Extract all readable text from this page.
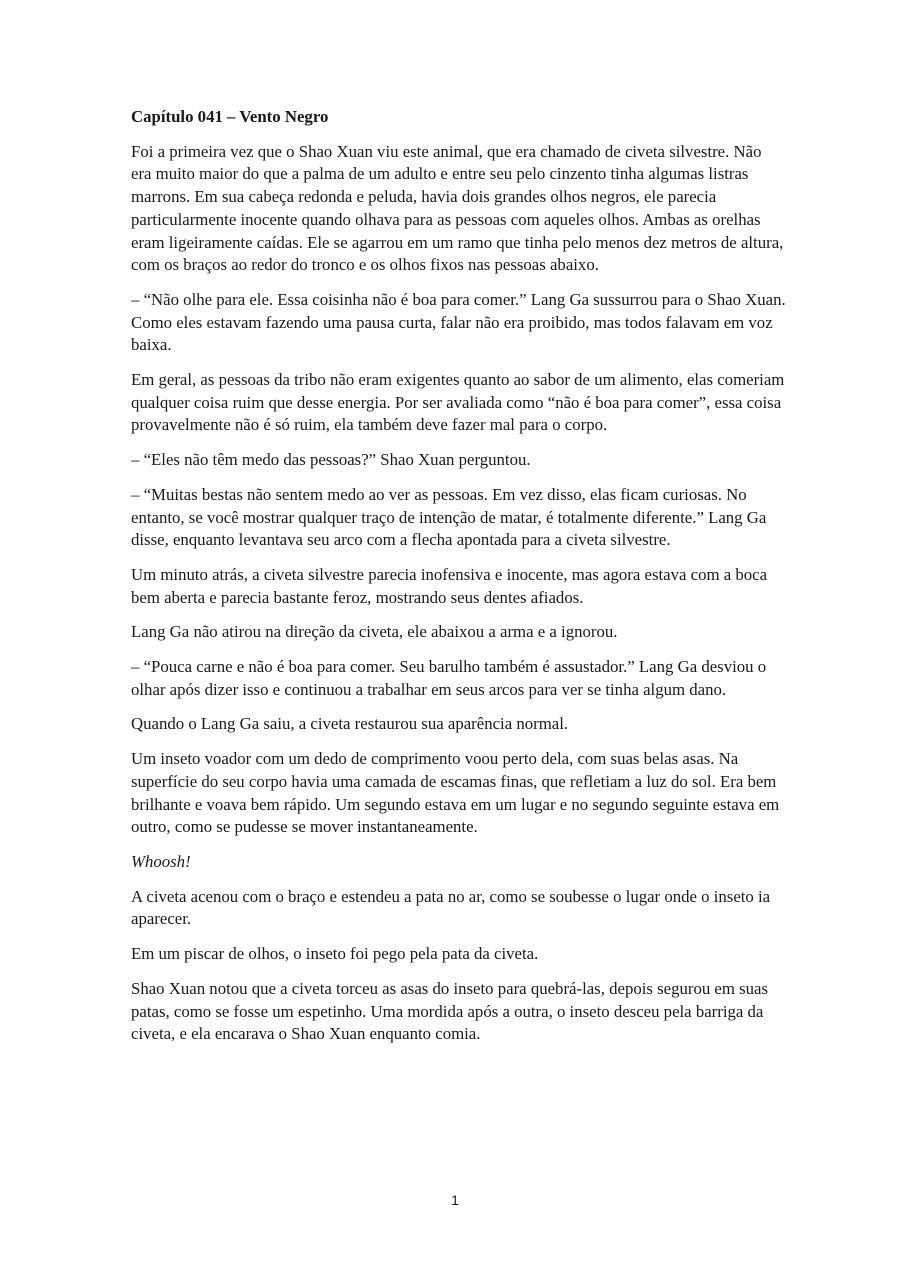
Capítulo 041 – Vento Negro

Foi a primeira vez que o Shao Xuan viu este animal, que era chamado de civeta silvestre. Não era muito maior do que a palma de um adulto e entre seu pelo cinzento tinha algumas listras marrons. Em sua cabeça redonda e peluda, havia dois grandes olhos negros, ele parecia particularmente inocente quando olhava para as pessoas com aqueles olhos. Ambas as orelhas eram ligeiramente caídas. Ele se agarrou em um ramo que tinha pelo menos dez metros de altura, com os braços ao redor do tronco e os olhos fixos nas pessoas abaixo.

– “Não olhe para ele. Essa coisinha não é boa para comer.” Lang Ga sussurrou para o Shao Xuan. Como eles estavam fazendo uma pausa curta, falar não era proibido, mas todos falavam em voz baixa.

Em geral, as pessoas da tribo não eram exigentes quanto ao sabor de um alimento, elas comeriam qualquer coisa ruim que desse energia. Por ser avaliada como “não é boa para comer”, essa coisa provavelmente não é só ruim, ela também deve fazer mal para o corpo.

– “Eles não têm medo das pessoas?” Shao Xuan perguntou.

– “Muitas bestas não sentem medo ao ver as pessoas. Em vez disso, elas ficam curiosas. No entanto, se você mostrar qualquer traço de intenção de matar, é totalmente diferente.” Lang Ga disse, enquanto levantava seu arco com a flecha apontada para a civeta silvestre.

Um minuto atrás, a civeta silvestre parecia inofensiva e inocente, mas agora estava com a boca bem aberta e parecia bastante feroz, mostrando seus dentes afiados.

Lang Ga não atirou na direção da civeta, ele abaixou a arma e a ignorou.

– “Pouca carne e não é boa para comer. Seu barulho também é assustador.” Lang Ga desviou o olhar após dizer isso e continuou a trabalhar em seus arcos para ver se tinha algum dano.

Quando o Lang Ga saiu, a civeta restaurou sua aparência normal.

Um inseto voador com um dedo de comprimento voou perto dela, com suas belas asas. Na superfície do seu corpo havia uma camada de escamas finas, que refletiam a luz do sol. Era bem brilhante e voava bem rápido. Um segundo estava em um lugar e no segundo seguinte estava em outro, como se pudesse se mover instantaneamente.

Whoosh!

A civeta acenou com o braço e estendeu a pata no ar, como se soubesse o lugar onde o inseto ia aparecer.

Em um piscar de olhos, o inseto foi pego pela pata da civeta.

Shao Xuan notou que a civeta torceu as asas do inseto para quebrá-las, depois segurou em suas patas, como se fosse um espetinho. Uma mordida após a outra, o inseto desceu pela barriga da civeta, e ela encarava o Shao Xuan enquanto comia.

1
